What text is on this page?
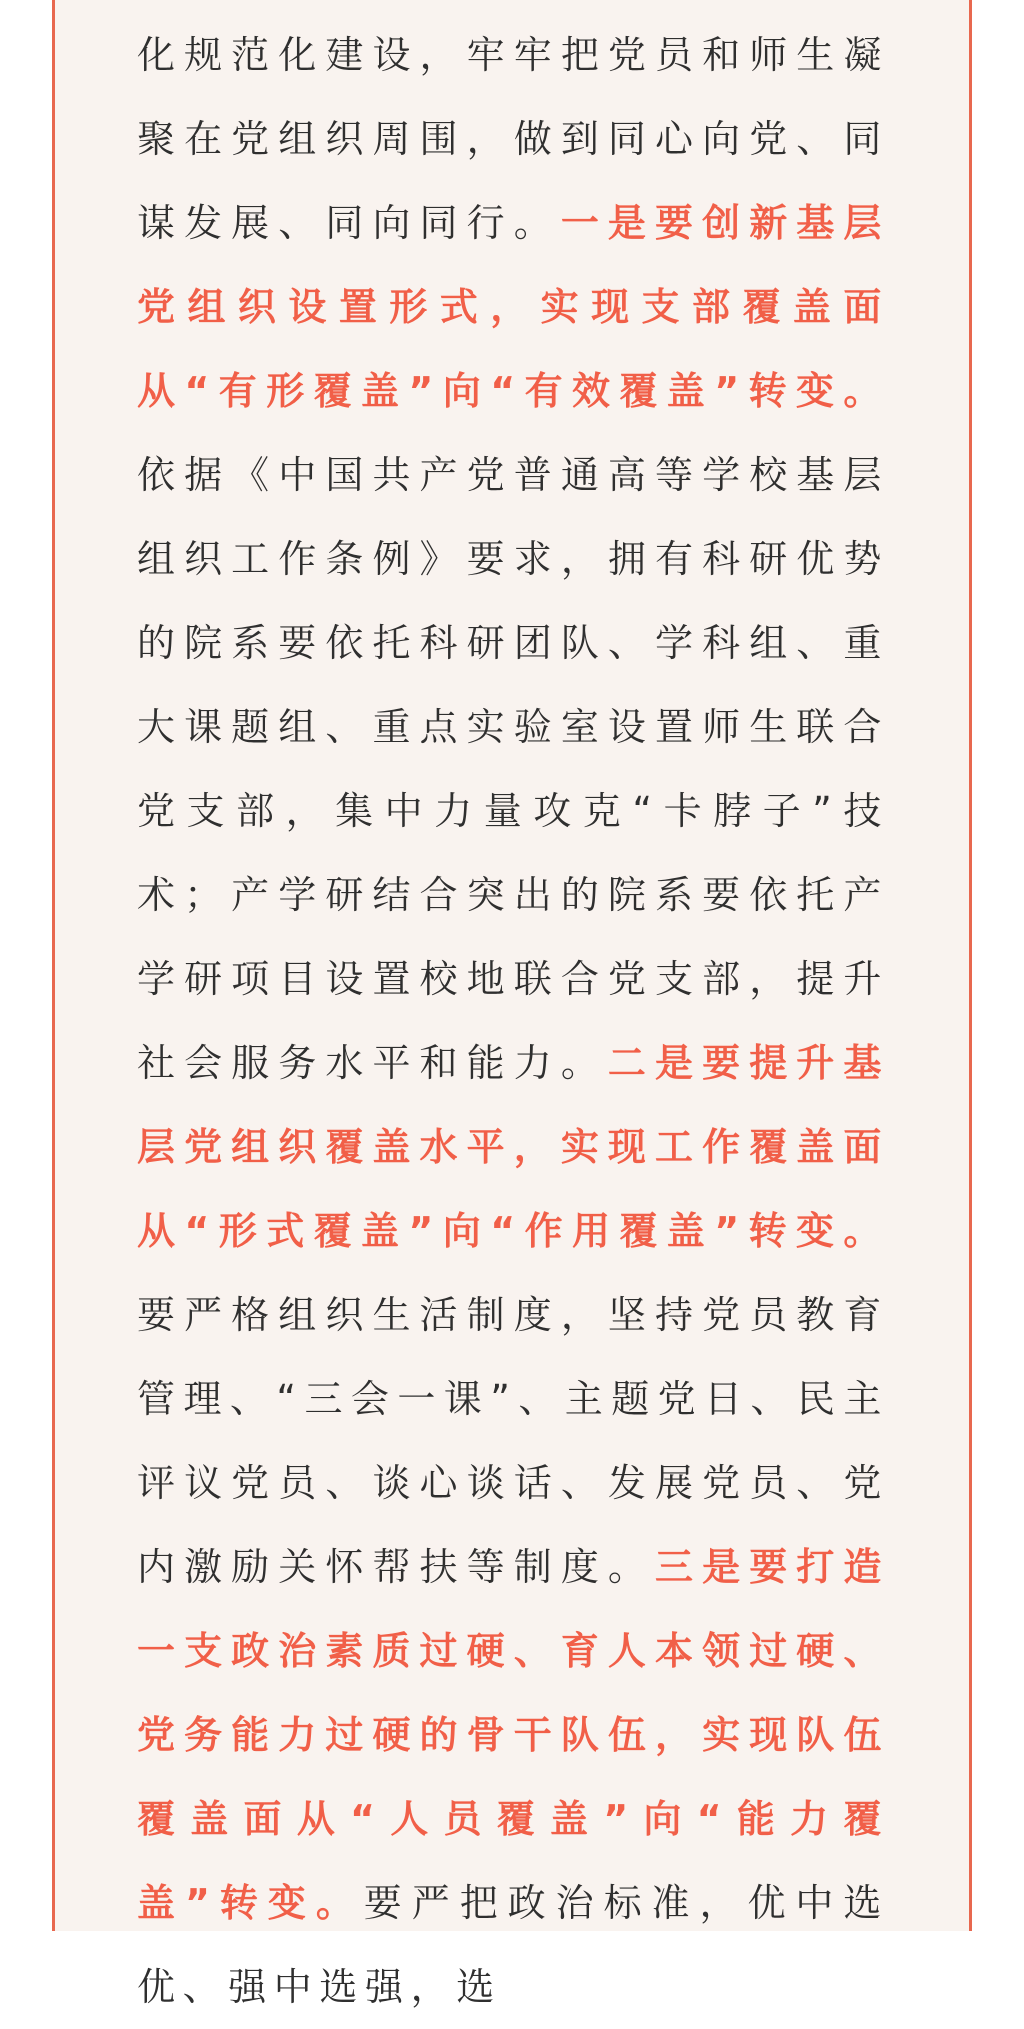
化规范化建设，牢牢把党员和师生凝聚在党组织周围，做到同心向党、同谋发展、同向同行。一是要创新基层党组织设置形式，实现支部覆盖面从“有形覆盖”向“有效覆盖”转变。依据《中国共产党普通高等学校基层组织工作条例》要求，拥有科研优势的院系要依托科研团队、学科组、重大课题组、重点实验室设置师生联合党支部，集中力量攻克“卡脖子”技术；产学研结合突出的院系要依托产学研项目设置校地联合党支部，提升社会服务水平和能力。二是要提升基层党组织覆盖水平，实现工作覆盖面从“形式覆盖”向“作用覆盖”转变。要严格组织生活制度，坚持党员教育管理、“三会一课”、主题党日、民主评议党员、谈心谈话、发展党员、党内激励关怀帮扶等制度。三是要打造一支政治素质过硬、育人本领过硬、党务能力过硬的骨干队伍，实现队伍覆盖面从“人员覆盖”向“能力覆盖”转变。要严把政治标准，优中选优、强中选强，选
